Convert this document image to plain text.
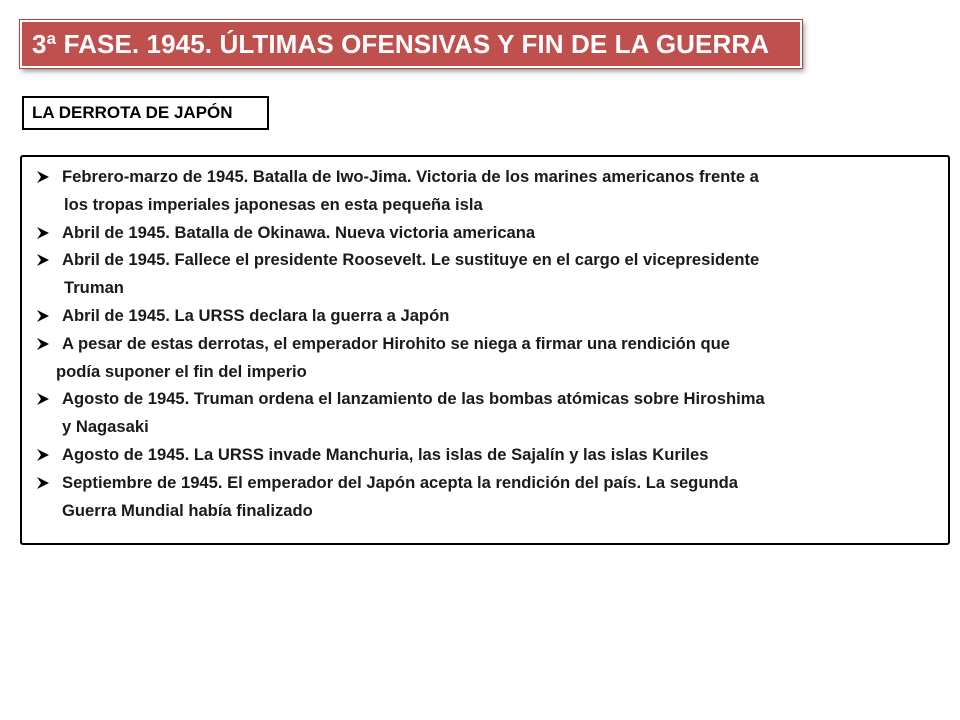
3ª FASE. 1945. ÚLTIMAS OFENSIVAS Y FIN DE LA GUERRA
LA DERROTA DE JAPÓN
Febrero-marzo de 1945. Batalla de Iwo-Jima. Victoria de los marines americanos frente a
los tropas imperiales japonesas en esta pequeña isla
Abril de 1945. Batalla de Okinawa. Nueva victoria americana
Abril de 1945. Fallece el presidente Roosevelt. Le sustituye en el cargo el vicepresidente
Truman
Abril de 1945. La URSS declara la guerra a Japón
A pesar de estas derrotas, el emperador Hirohito se niega a firmar una rendición que
podía suponer el fin del imperio
Agosto de 1945. Truman ordena el lanzamiento de las bombas atómicas sobre Hiroshima
y Nagasaki
Agosto de 1945. La URSS invade Manchuria, las islas de Sajalín y las islas Kuriles
Septiembre de 1945. El emperador del Japón acepta la rendición del país. La segunda
Guerra Mundial había finalizado
